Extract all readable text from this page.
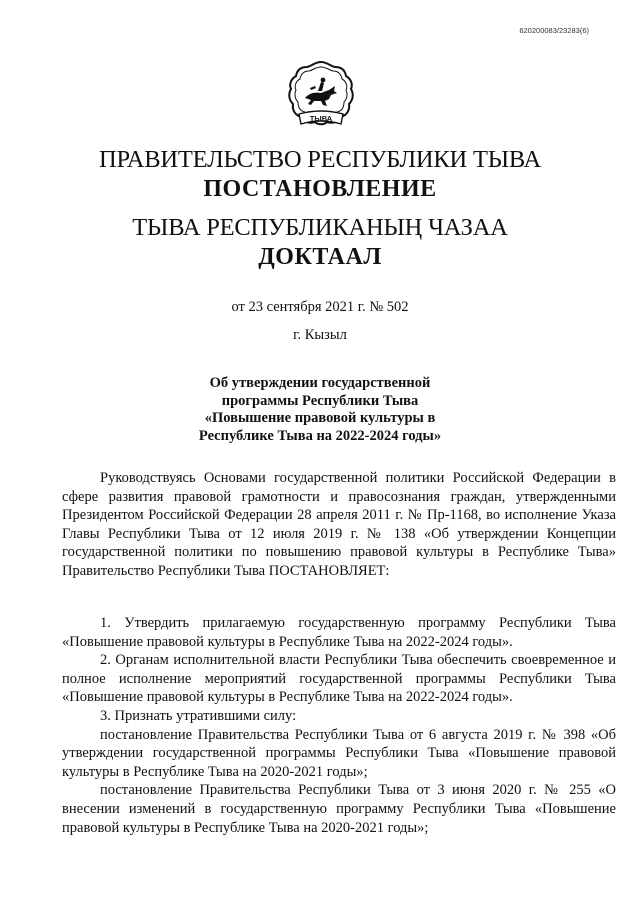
620200083/23283(6)
ТЫВА
ПРАВИТЕЛЬСТВО РЕСПУБЛИКИ ТЫВА
ПОСТАНОВЛЕНИЕ
ТЫВА РЕСПУБЛИКАНЫҢ ЧАЗАА
ДОКТААЛ
от 23 сентября 2021 г. № 502
г. Кызыл
Об утверждении государственной
программы Республики Тыва
«Повышение правовой культуры в
Республике Тыва на 2022-2024 годы»

Руководствуясь Основами государственной политики Российской Федерации в сфере развития правовой грамотности и правосознания граждан, утвержденными Президентом Российской Федерации 28 апреля 2011 г. № Пр-1168, во исполнение Указа Главы Республики Тыва от 12 июля 2019 г. № 138 «Об утверждении Концепции государственной политики по повышению правовой культуры в Республике Тыва» Правительство Республики Тыва ПОСТАНОВЛЯЕТ:

1. Утвердить прилагаемую государственную программу Республики Тыва «Повышение правовой культуры в Республике Тыва на 2022-2024 годы».

2. Органам исполнительной власти Республики Тыва обеспечить своевременное и полное исполнение мероприятий государственной программы Республики Тыва «Повышение правовой культуры в Республике Тыва на 2022-2024 годы».

3. Признать утратившими силу:

постановление Правительства Республики Тыва от 6 августа 2019 г. № 398 «Об утверждении государственной программы Республики Тыва «Повышение правовой культуры в Республике Тыва на 2020-2021 годы»;

постановление Правительства Республики Тыва от 3 июня 2020 г. № 255 «О внесении изменений в государственную программу Республики Тыва «Повышение правовой культуры в Республике Тыва на 2020-2021 годы»;
